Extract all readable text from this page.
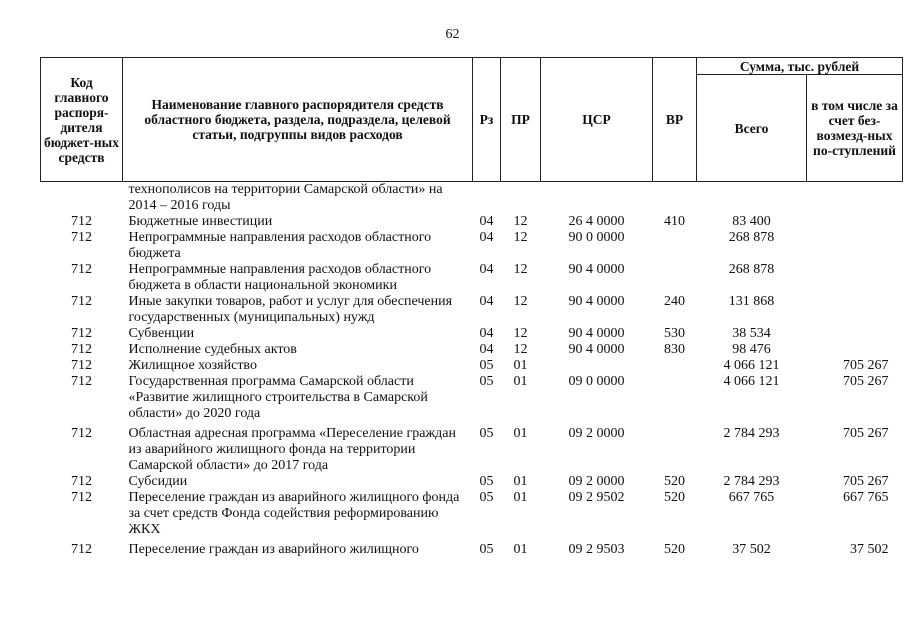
62
Код главного распоря-дителя бюджет-ных средств	Наименование главного распорядителя средств областного бюджета, раздела, подраздела, целевой статьи, подгруппы видов расходов	Рз	ПР	ЦСР	ВР	Сумма, тыс. рублей	
						Всего	в том числе за счет без-возмезд-ных по-ступлений
	технополисов на территории Самарской области» на 2014 – 2016 годы						
712	Бюджетные инвестиции	04	12	26 4 0000	410	83 400	
712	Непрограммные направления расходов областного бюджета	04	12	90 0 0000		268 878	
712	Непрограммные направления расходов областного бюджета в области национальной экономики	04	12	90 4 0000		268 878	
712	Иные закупки товаров, работ и услуг для обеспечения государственных (муниципальных) нужд	04	12	90 4 0000	240	131 868	
712	Субвенции	04	12	90 4 0000	530	38 534	
712	Исполнение судебных актов	04	12	90 4 0000	830	98 476	
712	Жилищное хозяйство	05	01			4 066 121	705 267
712	Государственная программа Самарской области «Развитие жилищного строительства в Самарской области» до 2020 года	05	01	09 0 0000		4 066 121	705 267
712	Областная адресная программа «Переселение граждан из аварийного жилищного фонда на территории Самарской области» до 2017 года	05	01	09 2 0000		2 784 293	705 267
712	Субсидии	05	01	09 2 0000	520	2 784 293	705 267
712	Переселение граждан из аварийного жилищного фонда за счет средств Фонда содействия реформированию ЖКХ	05	01	09 2 9502	520	667 765	667 765
712	Переселение граждан из аварийного жилищного	05	01	09 2 9503	520	37 502	37 502
